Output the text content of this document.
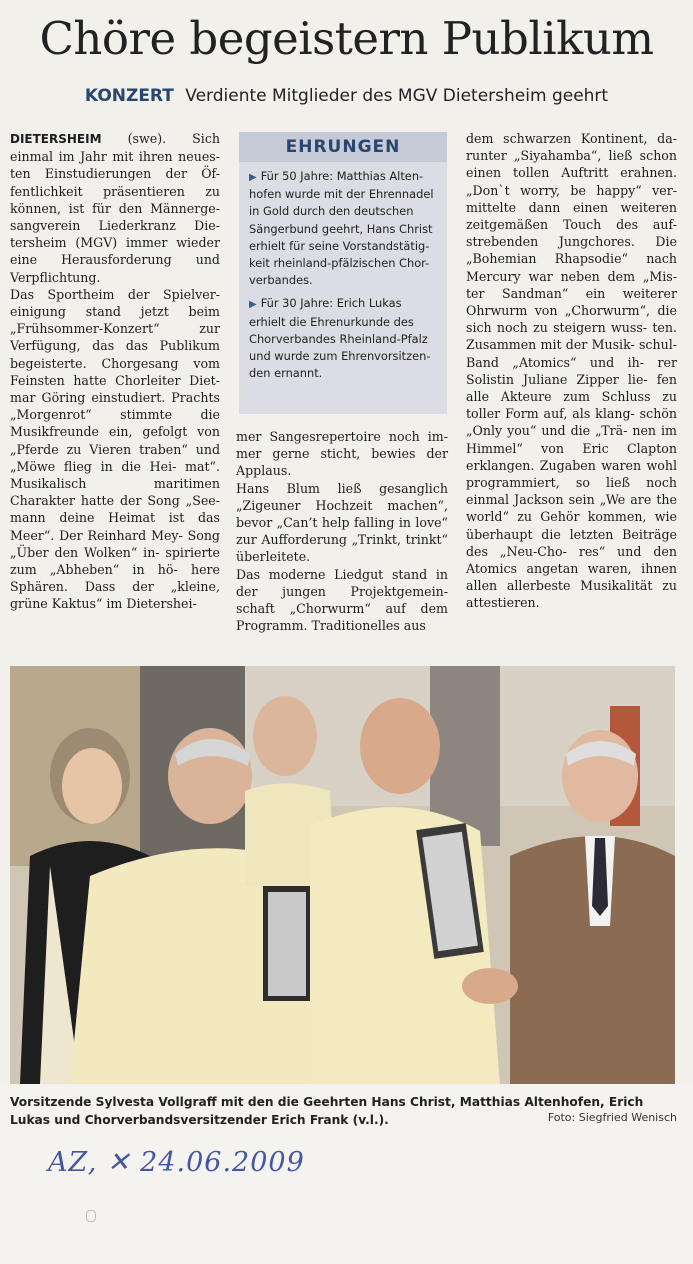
Chöre begeistern Publikum
KONZERT Verdiente Mitglieder des MGV Dietersheim geehrt

DIETERSHEIM (swe). Sich einmal im Jahr mit ihren neues- ten Einstudierungen der Öf- fentlichkeit präsentieren zu können, ist für den Männerge- sangverein Liederkranz Die- tersheim (MGV) immer wieder eine Herausforderung und Verpflichtung.

Das Sportheim der Spielver- einigung stand jetzt beim „Frühsommer-Konzert“ zur Verfügung, das das Publikum begeisterte. Chorgesang vom Feinsten hatte Chorleiter Diet- mar Göring einstudiert. Prachts „Morgenrot“ stimmte die Musikfreunde ein, gefolgt von „Pferde zu Vieren traben“ und „Möwe flieg in die Hei- mat“. Musikalisch maritimen Charakter hatte der Song „See- mann deine Heimat ist das Meer“. Der Reinhard Mey- Song „Über den Wolken“ in- spirierte zum „Abheben“ in hö- here Sphären. Dass der „kleine, grüne Kaktus“ im Dietershei-

EHRUNGEN
▶ Für 50 Jahre: Matthias Alten- hofen wurde mit der Ehrennadel in Gold durch den deutschen Sängerbund geehrt, Hans Christ erhielt für seine Vorstandstätig- keit rheinland-pfälzischen Chor- verbandes.
▶ Für 30 Jahre: Erich Lukas erhielt die Ehrenurkunde des Chorverbandes Rheinland-Pfalz und wurde zum Ehrenvorsitzen- den ernannt.

mer Sangesrepertoire noch im- mer gerne sticht, bewies der Applaus.

Hans Blum ließ gesanglich „Zigeuner Hochzeit machen“, bevor „Can’t help falling in love“ zur Aufforderung „Trinkt, trinkt“ überleitete.

Das moderne Liedgut stand in der jungen Projektgemein- schaft „Chorwurm“ auf dem Programm. Traditionelles aus

dem schwarzen Kontinent, da- runter „Siyahamba“, ließ schon einen tollen Auftritt erahnen. „Don`t worry, be happy“ ver- mittelte dann einen weiteren zeitgemäßen Touch des auf- strebenden Jungchores. Die „Bohemian Rhapsodie“ nach Mercury war neben dem „Mis- ter Sandman“ ein weiterer Ohrwurm von „Chorwurm“, die sich noch zu steigern wuss- ten. Zusammen mit der Musik- schul-Band „Atomics“ und ih- rer Solistin Juliane Zipper lie- fen alle Akteure zum Schluss zu toller Form auf, als klang- schön „Only you“ und die „Trä- nen im Himmel“ von Eric Clapton erklangen. Zugaben waren wohl programmiert, so ließ noch einmal Jackson sein „We are the world“ zu Gehör kommen, wie überhaupt die letzten Beiträge des „Neu-Cho- res“ und den Atomics angetan waren, ihnen allen allerbeste Musikalität zu attestieren.

Vorsitzende Sylvesta Vollgraff mit den die Geehrten Hans Christ, Matthias Altenhofen, Erich Lukas und Chorverbandsversitzender Erich Frank (v.l.).	Foto: Siegfried Wenisch
AZ, ✕ 24.06.2009
